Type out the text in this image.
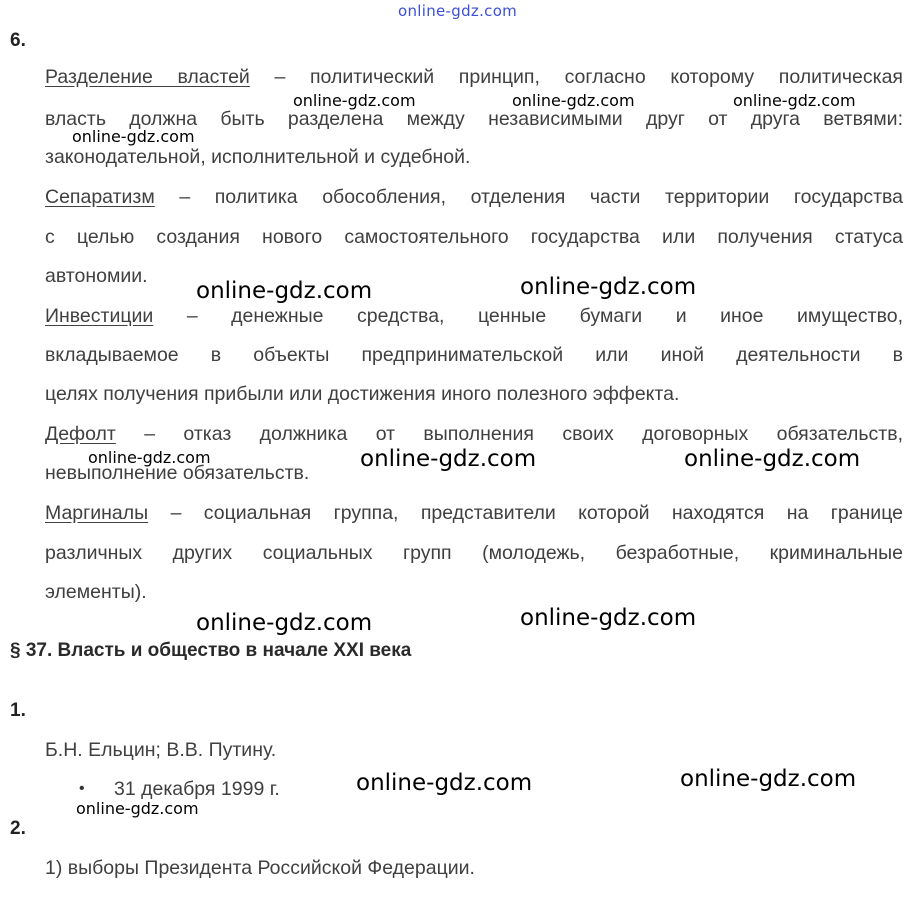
online-gdz.com
6.
Разделение властей – политический принцип, согласно которому политическая
власть должна быть разделена между независимыми друг от друга ветвями:
законодательной, исполнительной и судебной.
Сепаратизм – политика обособления, отделения части территории государства
с целью создания нового самостоятельного государства или получения статуса
автономии.
Инвестиции – денежные средства, ценные бумаги и иное имущество,
вкладываемое в объекты предпринимательской или иной деятельности в
целях получения прибыли или достижения иного полезного эффекта.
Дефолт – отказ должника от выполнения своих договорных обязательств,
невыполнение обязательств.
Маргиналы – социальная группа, представители которой находятся на границе
различных других социальных групп (молодежь, безработные, криминальные
элементы).
§ 37. Власть и общество в начале XXI века
1.
Б.Н. Ельцин; В.В. Путину.
• 31 декабря 1999 г.
2.
1) выборы Президента Российской Федерации.
online-gdz.com	online-gdz.com	online-gdz.com
online-gdz.com
online-gdz.com	online-gdz.com
online-gdz.com	online-gdz.com	online-gdz.com
online-gdz.com	online-gdz.com
online-gdz.com	online-gdz.com
online-gdz.com
